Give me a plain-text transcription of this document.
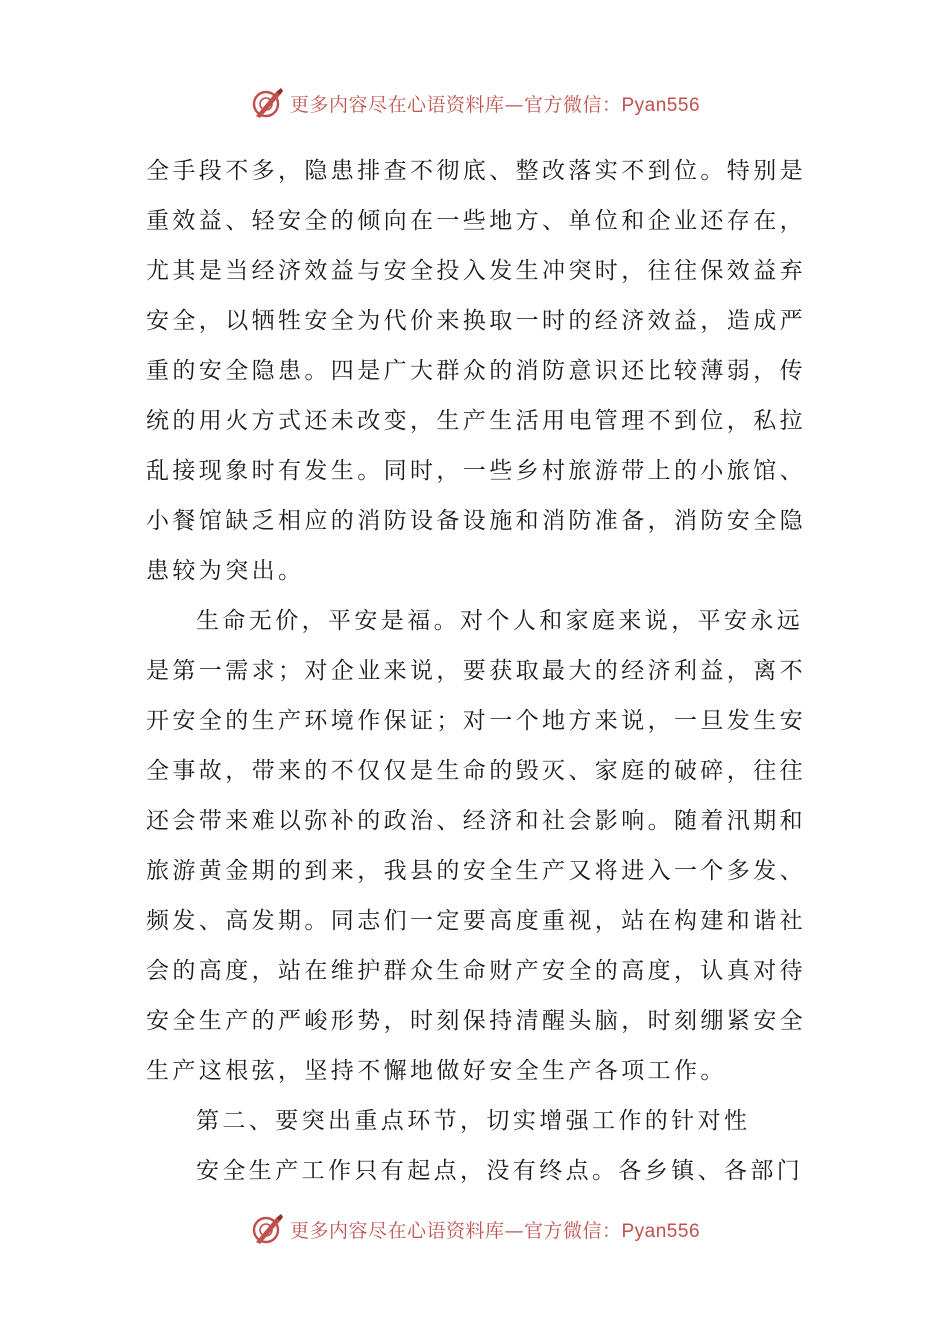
更多内容尽在心语资料库—官方微信：Pyan556
全手段不多，隐患排查不彻底、整改落实不到位。特别是
重效益、轻安全的倾向在一些地方、单位和企业还存在，
尤其是当经济效益与安全投入发生冲突时，往往保效益弃
安全，以牺牲安全为代价来换取一时的经济效益，造成严
重的安全隐患。四是广大群众的消防意识还比较薄弱，传
统的用火方式还未改变，生产生活用电管理不到位，私拉
乱接现象时有发生。同时，一些乡村旅游带上的小旅馆、
小餐馆缺乏相应的消防设备设施和消防准备，消防安全隐
患较为突出。
生命无价，平安是福。对个人和家庭来说，平安永远
是第一需求；对企业来说，要获取最大的经济利益，离不
开安全的生产环境作保证；对一个地方来说，一旦发生安
全事故，带来的不仅仅是生命的毁灭、家庭的破碎，往往
还会带来难以弥补的政治、经济和社会影响。随着汛期和
旅游黄金期的到来，我县的安全生产又将进入一个多发、
频发、高发期。同志们一定要高度重视，站在构建和谐社
会的高度，站在维护群众生命财产安全的高度，认真对待
安全生产的严峻形势，时刻保持清醒头脑，时刻绷紧安全
生产这根弦，坚持不懈地做好安全生产各项工作。
第二、要突出重点环节，切实增强工作的针对性
安全生产工作只有起点，没有终点。各乡镇、各部门
更多内容尽在心语资料库—官方微信：Pyan556
